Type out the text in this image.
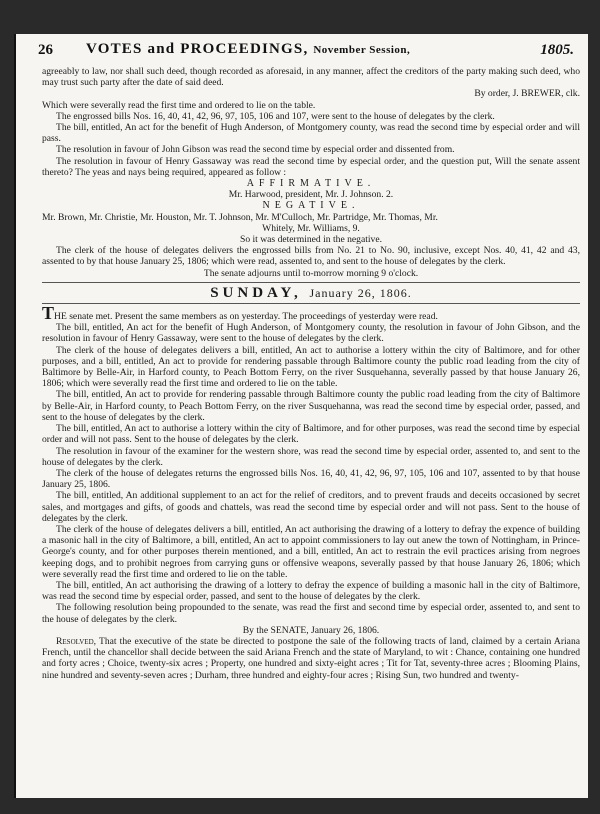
26 VOTES and PROCEEDINGS, November Session,	1805.

agreeably to law, nor shall such deed, though recorded as aforesaid, in any manner, affect the creditors of the party making such deed, who may trust such party after the date of said deed.

By order, J. BREWER, clk.

Which were severally read the first time and ordered to lie on the table.

The engrossed bills Nos. 16, 40, 41, 42, 96, 97, 105, 106 and 107, were sent to the house of delegates by the clerk.

The bill, entitled, An act for the benefit of Hugh Anderson, of Montgomery county, was read the second time by especial order and will pass.

The resolution in favour of John Gibson was read the second time by especial order and dissented from.

The resolution in favour of Henry Gassaway was read the second time by especial order, and the question put, Will the senate assent thereto? The yeas and nays being required, appeared as follow :

AFFIRMATIVE.

Mr. Harwood, president, Mr. J. Johnson. 2.

NEGATIVE.

Mr. Brown, Mr. Christie, Mr. Houston, Mr. T. Johnson, Mr. M'Culloch, Mr. Partridge, Mr. Thomas, Mr.

Whitely, Mr. Williams, 9.

So it was determined in the negative.

The clerk of the house of delegates delivers the engrossed bills from No. 21 to No. 90, inclusive, except Nos. 40, 41, 42 and 43, assented to by that house January 25, 1806; which were read, assented to, and sent to the house of delegates by the clerk.

The senate adjourns until to-morrow morning 9 o'clock.

SUNDAY, January 26, 1806.

THE senate met. Present the same members as on yesterday. The proceedings of yesterday were read.

The bill, entitled, An act for the benefit of Hugh Anderson, of Montgomery county, the resolution in favour of John Gibson, and the resolution in favour of Henry Gassaway, were sent to the house of delegates by the clerk.

The clerk of the house of delegates delivers a bill, entitled, An act to authorise a lottery within the city of Baltimore, and for other purposes, and a bill, entitled, An act to provide for rendering passable through Baltimore county the public road leading from the city of Baltimore by Belle-Air, in Harford county, to Peach Bottom Ferry, on the river Susquehanna, severally passed by that house January 26, 1806; which were severally read the first time and ordered to lie on the table.

The bill, entitled, An act to provide for rendering passable through Baltimore county the public road leading from the city of Baltimore by Belle-Air, in Harford county, to Peach Bottom Ferry, on the river Susquehanna, was read the second time by especial order, passed, and sent to the house of delegates by the clerk.

The bill, entitled, An act to authorise a lottery within the city of Baltimore, and for other purposes, was read the second time by especial order and will not pass. Sent to the house of delegates by the clerk.

The resolution in favour of the examiner for the western shore, was read the second time by especial order, assented to, and sent to the house of delegates by the clerk.

The clerk of the house of delegates returns the engrossed bills Nos. 16, 40, 41, 42, 96, 97, 105, 106 and 107, assented to by that house January 25, 1806.

The bill, entitled, An additional supplement to an act for the relief of creditors, and to prevent frauds and deceits occasioned by secret sales, and mortgages and gifts, of goods and chattels, was read the second time by especial order and will not pass. Sent to the house of delegates by the clerk.

The clerk of the house of delegates delivers a bill, entitled, An act authorising the drawing of a lottery to defray the expence of building a masonic hall in the city of Baltimore, a bill, entitled, An act to appoint commissioners to lay out anew the town of Nottingham, in Prince-George's county, and for other purposes therein mentioned, and a bill, entitled, An act to restrain the evil practices arising from negroes keeping dogs, and to prohibit negroes from carrying guns or offensive weapons, severally passed by that house January 26, 1806; which were severally read the first time and ordered to lie on the table.

The bill, entitled, An act authorising the drawing of a lottery to defray the expence of building a masonic hall in the city of Baltimore, was read the second time by especial order, passed, and sent to the house of delegates by the clerk.

The following resolution being propounded to the senate, was read the first and second time by especial order, assented to, and sent to the house of delegates by the clerk.

By the SENATE, January 26, 1806.

Resolved, That the executive of the state be directed to postpone the sale of the following tracts of land, claimed by a certain Ariana French, until the chancellor shall decide between the said Ariana French and the state of Maryland, to wit : Chance, containing one hundred and forty acres ; Choice, twenty-six acres ; Property, one hundred and sixty-eight acres ; Tit for Tat, seventy-three acres ; Blooming Plains, nine hundred and seventy-seven acres ; Durham, three hundred and eighty-four acres ; Rising Sun, two hundred and twenty-
